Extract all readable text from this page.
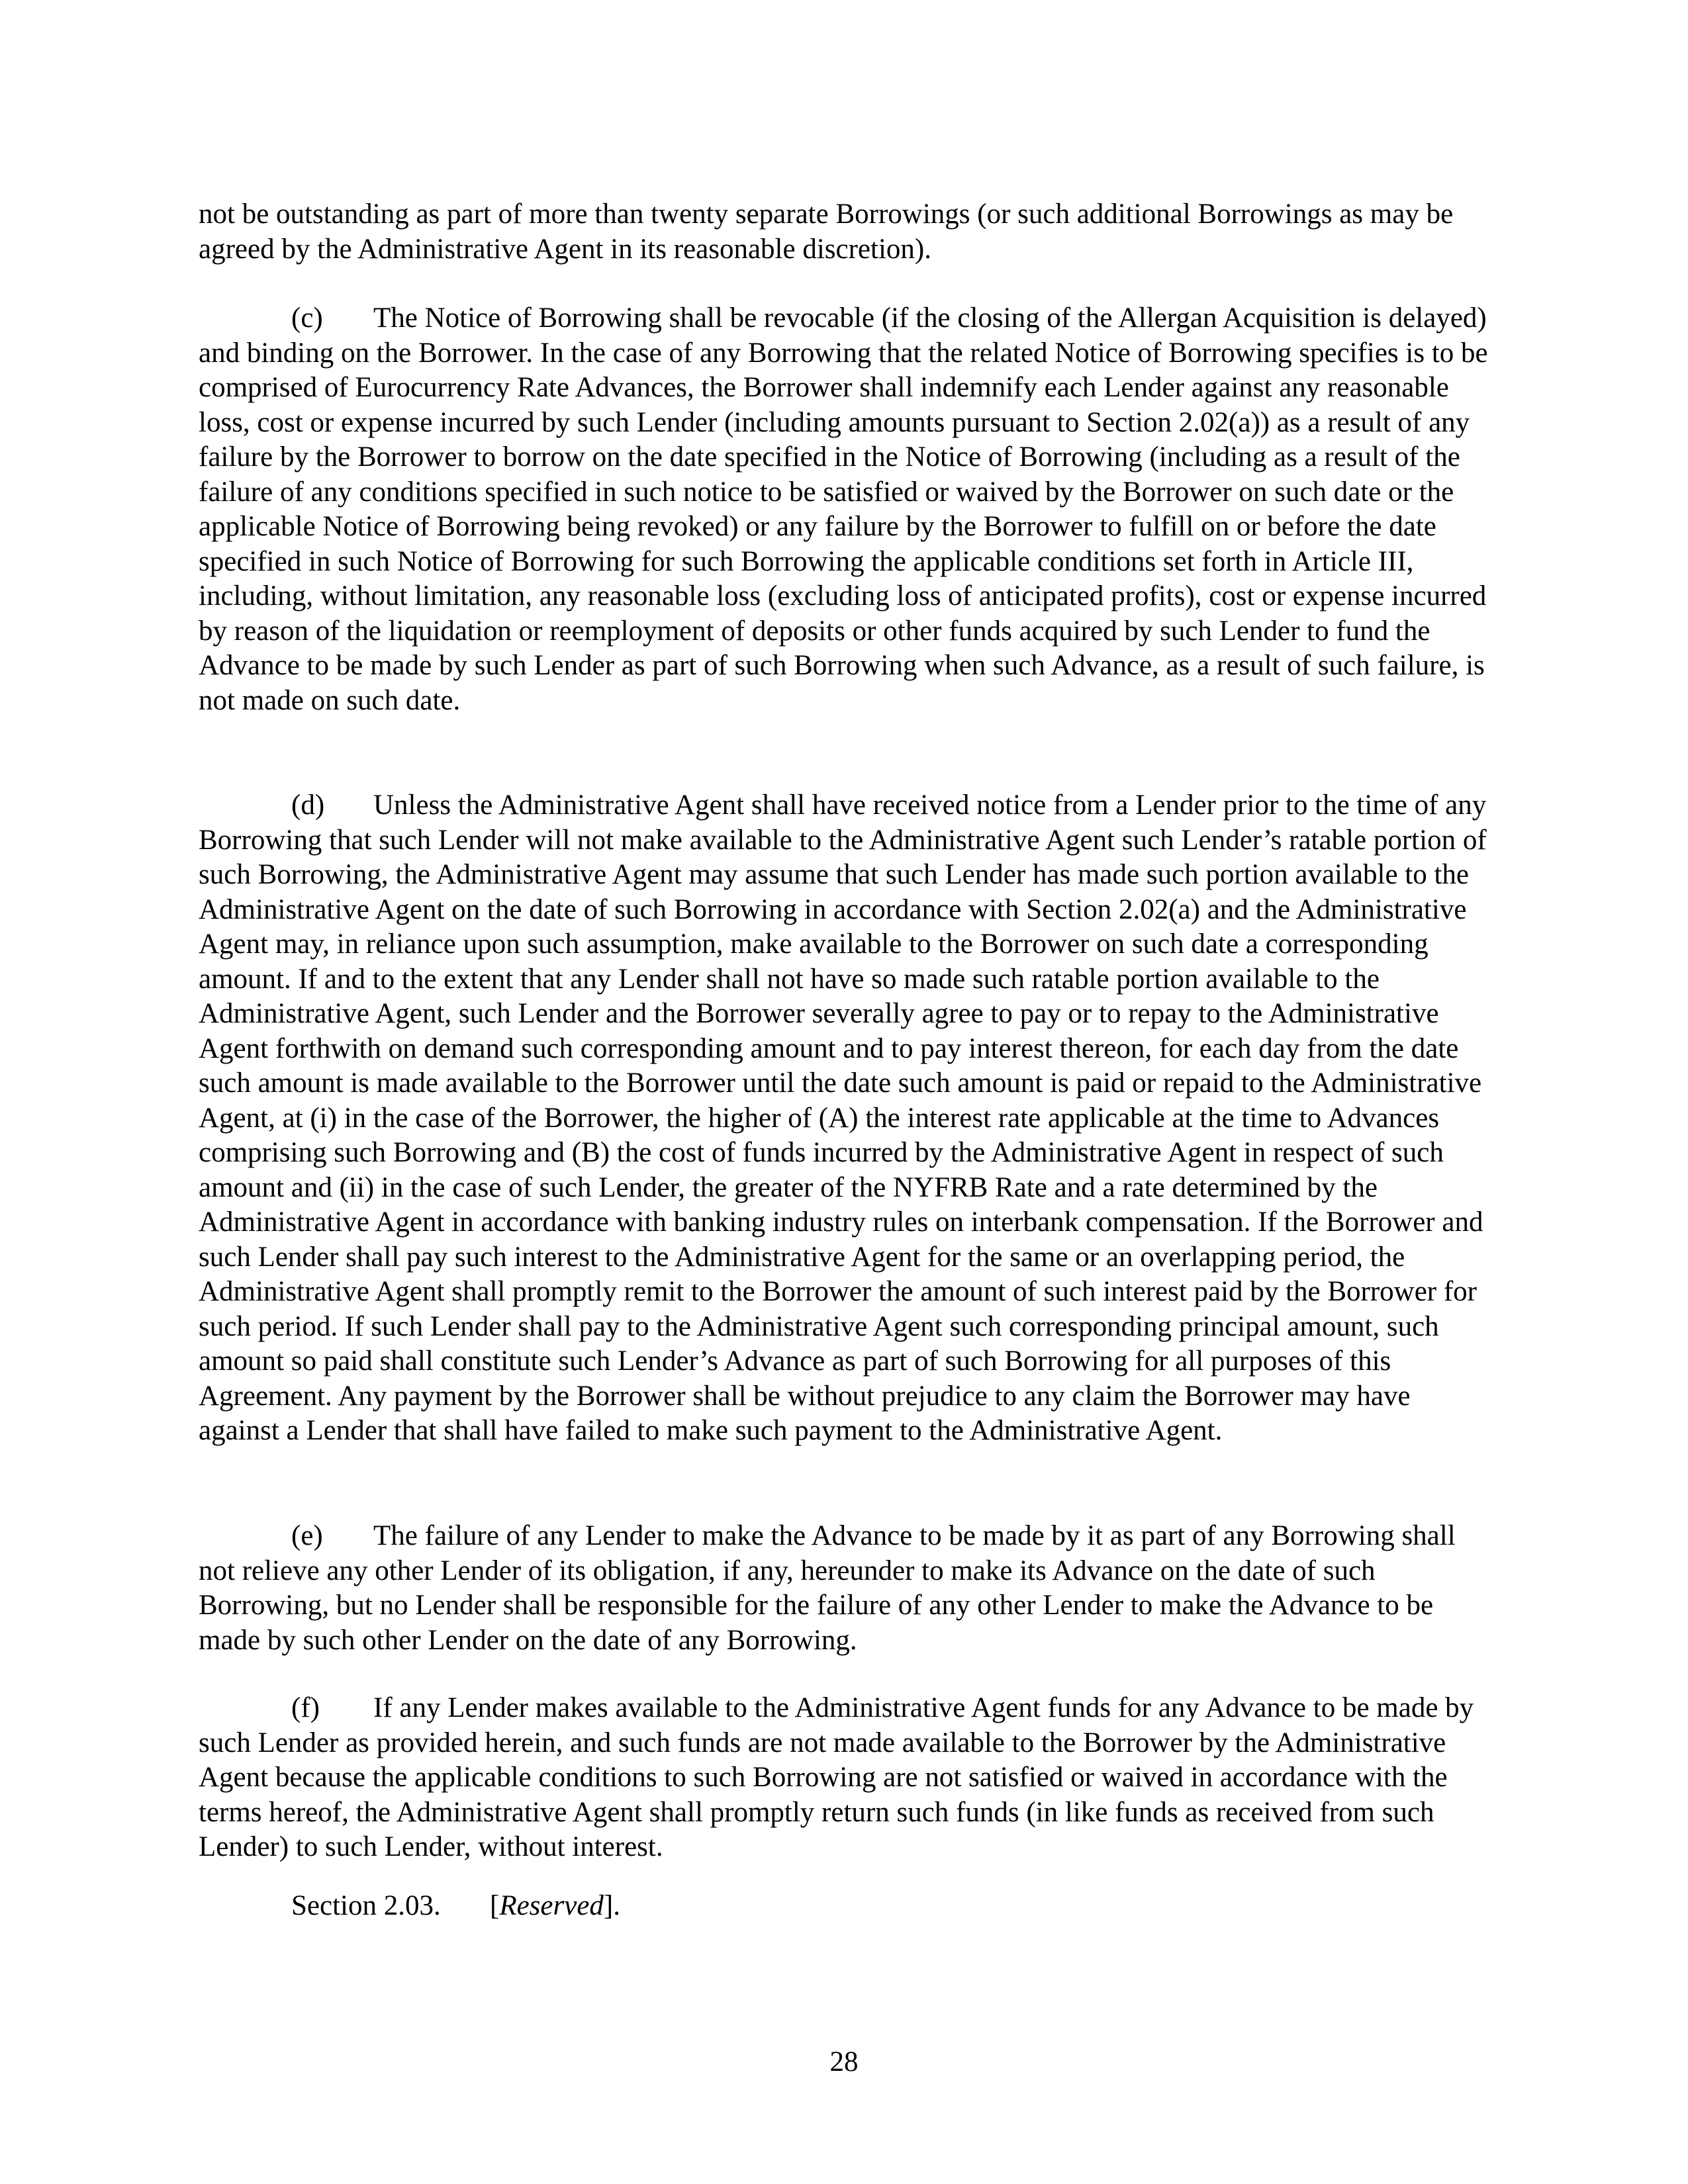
not be outstanding as part of more than twenty separate Borrowings (or such additional Borrowings as may be agreed by the Administrative Agent in its reasonable discretion).

(c) The Notice of Borrowing shall be revocable (if the closing of the Allergan Acquisition is delayed) and binding on the Borrower. In the case of any Borrowing that the related Notice of Borrowing specifies is to be comprised of Eurocurrency Rate Advances, the Borrower shall indemnify each Lender against any reasonable loss, cost or expense incurred by such Lender (including amounts pursuant to Section 2.02(a)) as a result of any failure by the Borrower to borrow on the date specified in the Notice of Borrowing (including as a result of the failure of any conditions specified in such notice to be satisfied or waived by the Borrower on such date or the applicable Notice of Borrowing being revoked) or any failure by the Borrower to fulfill on or before the date specified in such Notice of Borrowing for such Borrowing the applicable conditions set forth in Article III, including, without limitation, any reasonable loss (excluding loss of anticipated profits), cost or expense incurred by reason of the liquidation or reemployment of deposits or other funds acquired by such Lender to fund the Advance to be made by such Lender as part of such Borrowing when such Advance, as a result of such failure, is not made on such date.

(d) Unless the Administrative Agent shall have received notice from a Lender prior to the time of any Borrowing that such Lender will not make available to the Administrative Agent such Lender’s ratable portion of such Borrowing, the Administrative Agent may assume that such Lender has made such portion available to the Administrative Agent on the date of such Borrowing in accordance with Section 2.02(a) and the Administrative Agent may, in reliance upon such assumption, make available to the Borrower on such date a corresponding amount. If and to the extent that any Lender shall not have so made such ratable portion available to the Administrative Agent, such Lender and the Borrower severally agree to pay or to repay to the Administrative Agent forthwith on demand such corresponding amount and to pay interest thereon, for each day from the date such amount is made available to the Borrower until the date such amount is paid or repaid to the Administrative Agent, at (i) in the case of the Borrower, the higher of (A) the interest rate applicable at the time to Advances comprising such Borrowing and (B) the cost of funds incurred by the Administrative Agent in respect of such amount and (ii) in the case of such Lender, the greater of the NYFRB Rate and a rate determined by the Administrative Agent in accordance with banking industry rules on interbank compensation. If the Borrower and such Lender shall pay such interest to the Administrative Agent for the same or an overlapping period, the Administrative Agent shall promptly remit to the Borrower the amount of such interest paid by the Borrower for such period. If such Lender shall pay to the Administrative Agent such corresponding principal amount, such amount so paid shall constitute such Lender’s Advance as part of such Borrowing for all purposes of this Agreement. Any payment by the Borrower shall be without prejudice to any claim the Borrower may have against a Lender that shall have failed to make such payment to the Administrative Agent.

(e) The failure of any Lender to make the Advance to be made by it as part of any Borrowing shall not relieve any other Lender of its obligation, if any, hereunder to make its Advance on the date of such Borrowing, but no Lender shall be responsible for the failure of any other Lender to make the Advance to be made by such other Lender on the date of any Borrowing.

(f) If any Lender makes available to the Administrative Agent funds for any Advance to be made by such Lender as provided herein, and such funds are not made available to the Borrower by the Administrative Agent because the applicable conditions to such Borrowing are not satisfied or waived in accordance with the terms hereof, the Administrative Agent shall promptly return such funds (in like funds as received from such Lender) to such Lender, without interest.

Section 2.03. [Reserved].
28
